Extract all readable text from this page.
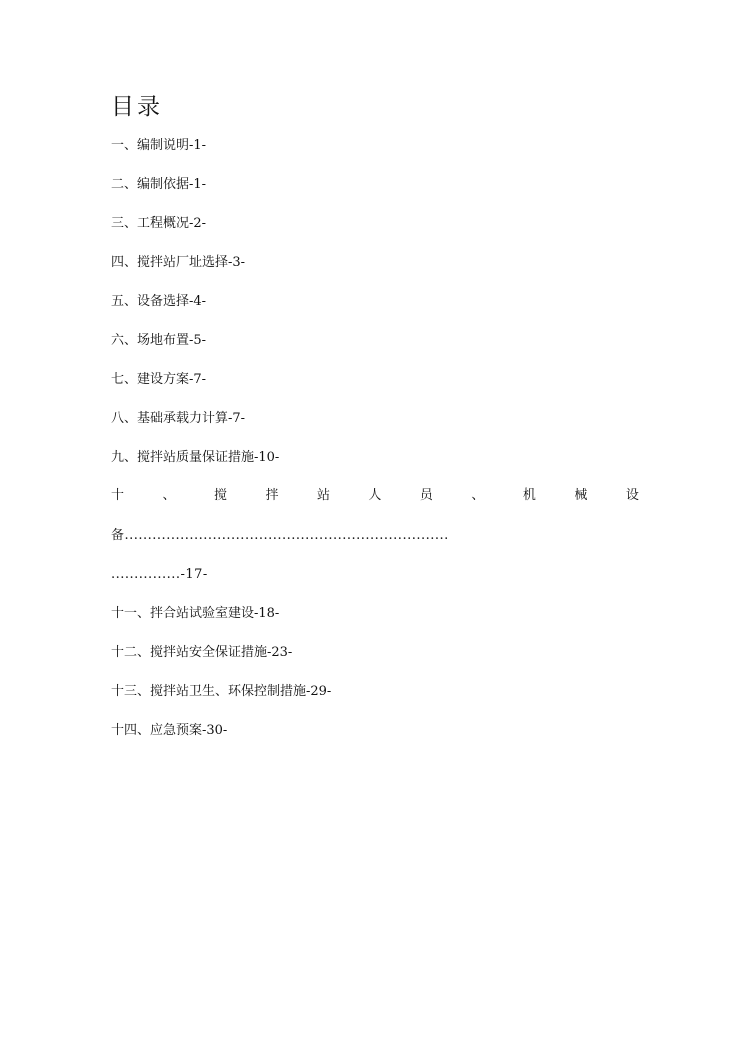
目录
一、编制说明-1-
二、编制依据-1-
三、工程概况-2-
四、搅拌站厂址选择-3-
五、设备选择-4-
六、场地布置-5-
七、建设方案-7-
八、基础承载力计算-7-
九、搅拌站质量保证措施-10-
十	、	搅	拌	站	人	员	、	机	械	设
备......................................................................
...............-17-
十一、拌合站试验室建设-18-
十二、搅拌站安全保证措施-23-
十三、搅拌站卫生、环保控制措施-29-
十四、应急预案-30-
